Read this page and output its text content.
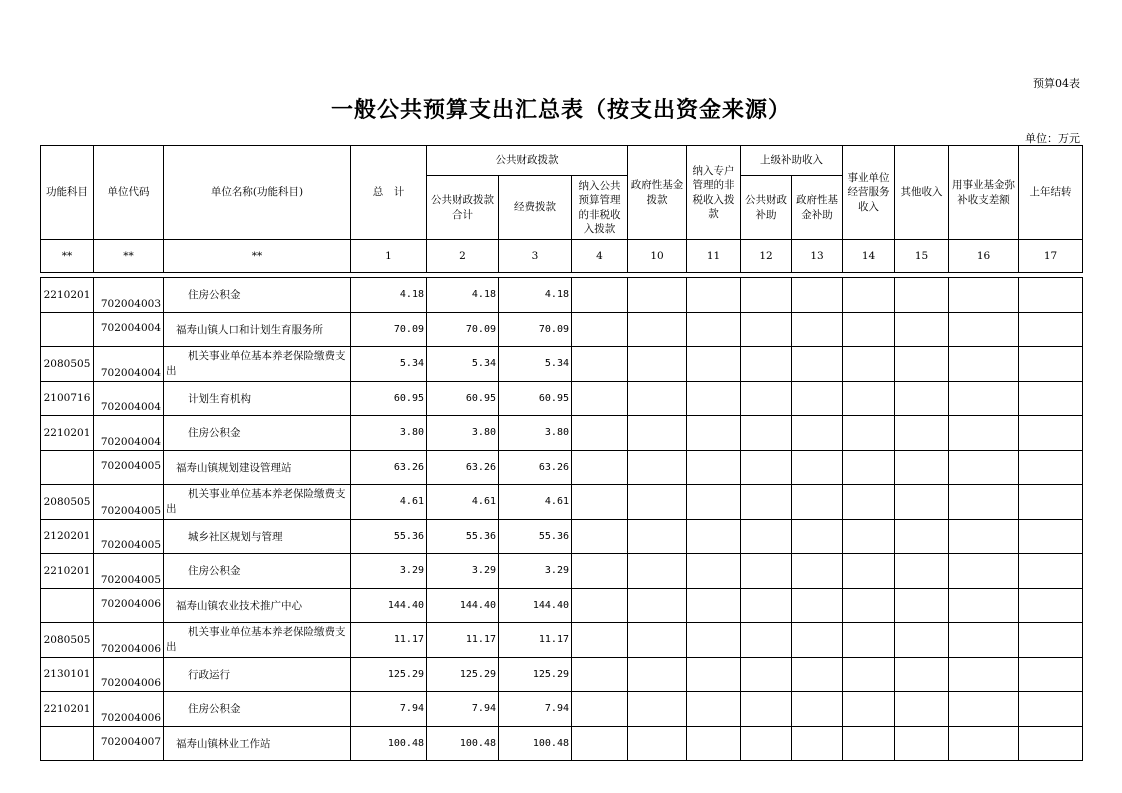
预算04表
一般公共预算支出汇总表（按支出资金来源）
单位：万元
功能科目	单位代码	单位名称(功能科目)	总　计	公共财政拨款			政府性基金拨款	纳入专户管理的非税收入拨款	上级补助收入		事业单位经营服务收入	其他收入	用事业基金弥补收支差额	上年结转
				公共财政拨款合计	经费拨款	纳入公共预算管理的非税收入拨款			公共财政补助	政府性基金补助				
**	**	**	1	2	3	4	10	11	12	13	14	15	16	17

2210201	702004003	住房公积金	4.18	4.18	4.18									
	702004004	福寿山镇人口和计划生育服务所	70.09	70.09	70.09									
2080505	702004004	机关事业单位基本养老保险缴费支出	5.34	5.34	5.34									
2100716	702004004	计划生育机构	60.95	60.95	60.95									
2210201	702004004	住房公积金	3.80	3.80	3.80									
	702004005	福寿山镇规划建设管理站	63.26	63.26	63.26									
2080505	702004005	机关事业单位基本养老保险缴费支出	4.61	4.61	4.61									
2120201	702004005	城乡社区规划与管理	55.36	55.36	55.36									
2210201	702004005	住房公积金	3.29	3.29	3.29									
	702004006	福寿山镇农业技术推广中心	144.40	144.40	144.40									
2080505	702004006	机关事业单位基本养老保险缴费支出	11.17	11.17	11.17									
2130101	702004006	行政运行	125.29	125.29	125.29									
2210201	702004006	住房公积金	7.94	7.94	7.94									
	702004007	福寿山镇林业工作站	100.48	100.48	100.48									
